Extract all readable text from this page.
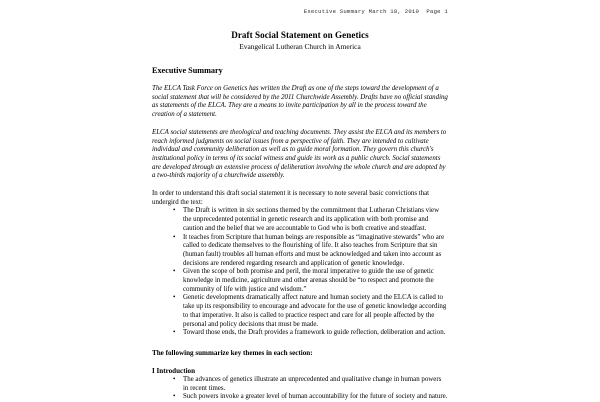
Executive Summary March 18, 2010  Page 1
Draft Social Statement on Genetics
Evangelical Lutheran Church in America
Executive Summary

The ELCA Task Force on Genetics has written the Draft as one of the steps toward the development of a social statement that will be considered by the 2011 Churchwide Assembly. Drafts have no official standing as statements of the ELCA. They are a means to invite participation by all in the process toward the creation of a statement.

ELCA social statements are theological and teaching documents. They assist the ELCA and its members to reach informed judgments on social issues from a perspective of faith. They are intended to cultivate individual and community deliberation as well as to guide moral formation. They govern this church's institutional policy in terms of its social witness and guide its work as a public church. Social statements are developed through an extensive process of deliberation involving the whole church and are adopted by a two-thirds majority of a churchwide assembly.

In order to understand this draft social statement it is necessary to note several basic convictions that undergird the text:

• The Draft is written in six sections themed by the commitment that Lutheran Christians view the unprecedented potential in genetic research and its application with both promise and caution and the belief that we are accountable to God who is both creative and steadfast.
• It teaches from Scripture that human beings are responsible as “imaginative stewards” who are called to dedicate themselves to the flourishing of life. It also teaches from Scripture that sin (human fault) troubles all human efforts and must be acknowledged and taken into account as decisions are rendered regarding research and application of genetic knowledge.
• Given the scope of both promise and peril, the moral imperative to guide the use of genetic knowledge in medicine, agriculture and other arenas should be “to respect and promote the community of life with justice and wisdom.”
• Genetic developments dramatically affect nature and human society and the ELCA is called to take up its responsibility to encourage and advocate for the use of genetic knowledge according to that imperative. It also is called to practice respect and care for all people affected by the personal and policy decisions that must be made.
• Toward those ends, the Draft provides a framework to guide reflection, deliberation and action.
The following summarize key themes in each section:
I Introduction
• The advances of genetics illustrate an unprecedented and qualitative change in human powers in recent times.
• Such powers invoke a greater level of human accountability for the future of society and nature.
